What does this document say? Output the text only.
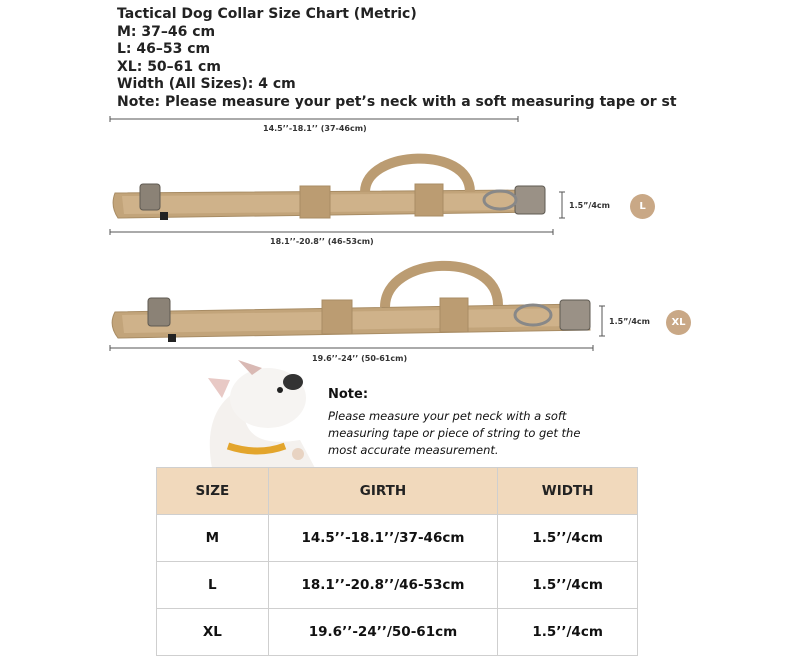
Tactical Dog Collar Size Chart (Metric)
M: 37–46 cm
L: 46–53 cm
XL: 50–61 cm
Width (All Sizes): 4 cm
Note: Please measure your pet’s neck with a soft measuring tape or st
14.5’’-18.1’’ (37-46cm)
18.1’’-20.8’’ (46-53cm)
19.6’’-24’’ (50-61cm)
1.5”/4cm
1.5”/4cm
L
XL
Note:
Please measure your pet neck with a soft
measuring tape or piece of string to get the
most accurate measurement.
SIZE	GIRTH	WIDTH
M	14.5’’-18.1’’/37-46cm	1.5’’/4cm
L	18.1’’-20.8’’/46-53cm	1.5’’/4cm
XL	19.6’’-24’’/50-61cm	1.5’’/4cm
